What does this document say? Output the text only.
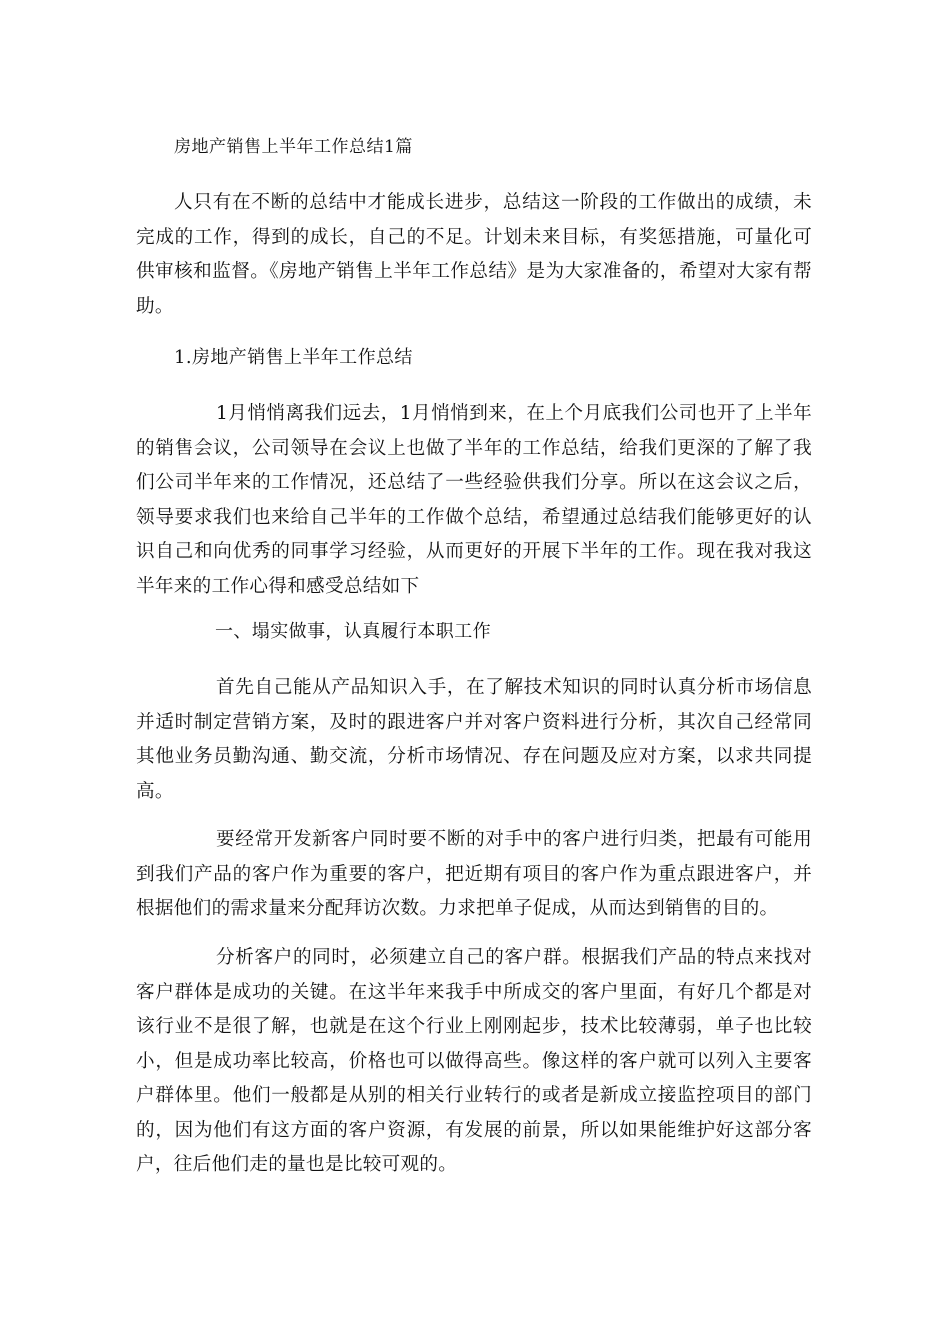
房地产销售上半年工作总结1篇

人只有在不断的总结中才能成长进步，总结这一阶段的工作做出的成绩，未完成的工作，得到的成长，自己的不足。计划未来目标，有奖惩措施，可量化可供审核和监督。《房地产销售上半年工作总结》是为大家准备的，希望对大家有帮助。

1.房地产销售上半年工作总结

1月悄悄离我们远去，1月悄悄到来，在上个月底我们公司也开了上半年的销售会议，公司领导在会议上也做了半年的工作总结，给我们更深的了解了我们公司半年来的工作情况，还总结了一些经验供我们分享。所以在这会议之后，领导要求我们也来给自己半年的工作做个总结，希望通过总结我们能够更好的认识自己和向优秀的同事学习经验，从而更好的开展下半年的工作。现在我对我这半年来的工作心得和感受总结如下

一、塌实做事，认真履行本职工作

首先自己能从产品知识入手，在了解技术知识的同时认真分析市场信息并适时制定营销方案，及时的跟进客户并对客户资料进行分析，其次自己经常同其他业务员勤沟通、勤交流，分析市场情况、存在问题及应对方案，以求共同提高。

要经常开发新客户同时要不断的对手中的客户进行归类，把最有可能用到我们产品的客户作为重要的客户，把近期有项目的客户作为重点跟进客户，并根据他们的需求量来分配拜访次数。力求把单子促成，从而达到销售的目的。

分析客户的同时，必须建立自己的客户群。根据我们产品的特点来找对客户群体是成功的关键。在这半年来我手中所成交的客户里面，有好几个都是对该行业不是很了解，也就是在这个行业上刚刚起步，技术比较薄弱，单子也比较小，但是成功率比较高，价格也可以做得高些。像这样的客户就可以列入主要客户群体里。他们一般都是从别的相关行业转行的或者是新成立接监控项目的部门的，因为他们有这方面的客户资源，有发展的前景，所以如果能维护好这部分客户，往后他们走的量也是比较可观的。
